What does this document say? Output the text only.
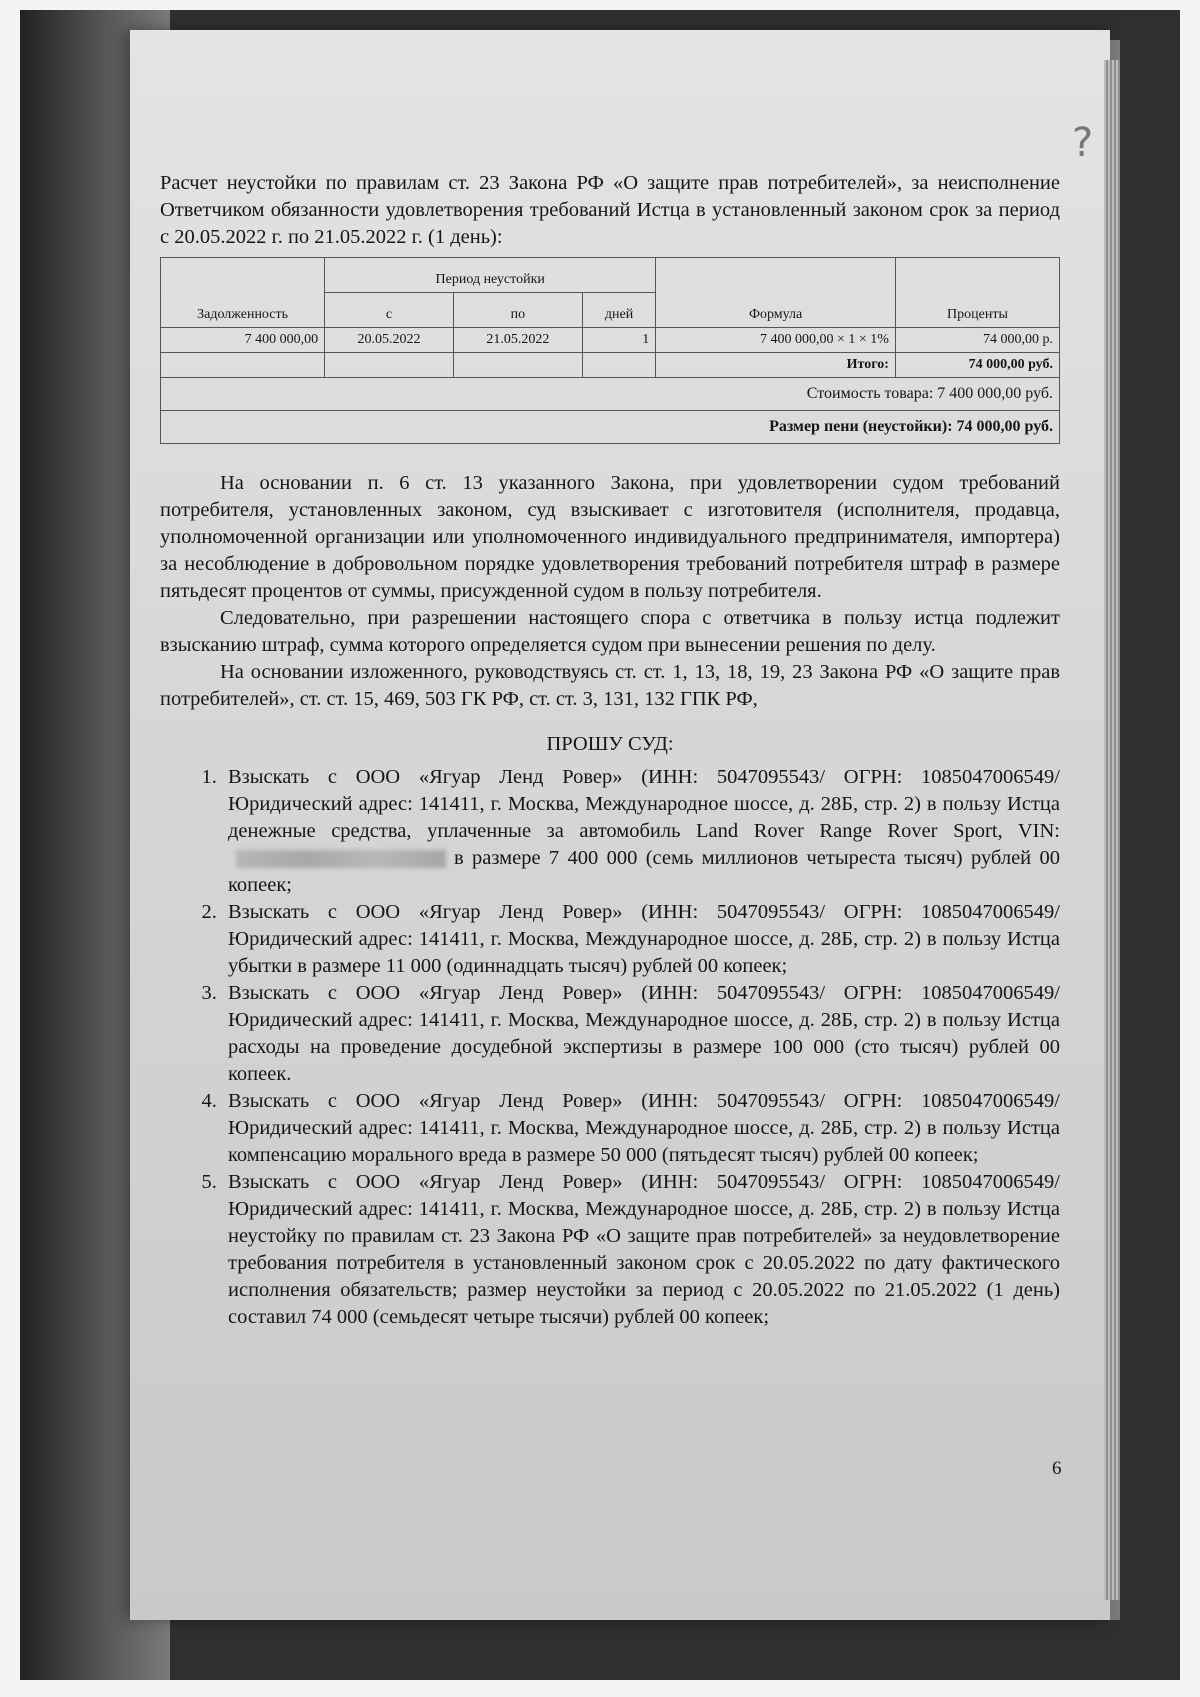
?

Расчет неустойки по правилам ст. 23 Закона РФ «О защите прав потребителей», за неисполнение Ответчиком обязанности удовлетворения требований Истца в установленный законом срок за период с 20.05.2022 г. по 21.05.2022 г. (1 день):

Задолженность	Период неустойки			Формула	Проценты
	с	по	дней		
7 400 000,00	20.05.2022	21.05.2022	1	7 400 000,00 × 1 × 1%	74 000,00 р.
				Итого:	74 000,00 руб.
Стоимость товара: 7 400 000,00 руб.					
Размер пени (неустойки): 74 000,00 руб.					

На основании п. 6 ст. 13 указанного Закона, при удовлетворении судом требований потребителя, установленных законом, суд взыскивает с изготовителя (исполнителя, продавца, уполномоченной организации или уполномоченного индивидуального предпринимателя, импортера) за несоблюдение в добровольном порядке удовлетворения требований потребителя штраф в размере пятьдесят процентов от суммы, присужденной судом в пользу потребителя.

Следовательно, при разрешении настоящего спора с ответчика в пользу истца подлежит взысканию штраф, сумма которого определяется судом при вынесении решения по делу.

На основании изложенного, руководствуясь ст. ст. 1, 13, 18, 19, 23 Закона РФ «О защите прав потребителей», ст. ст. 15, 469, 503 ГК РФ, ст. ст. 3, 131, 132 ГПК РФ,

ПРОШУ СУД:
1. Взыскать с ООО «Ягуар Ленд Ровер» (ИНН: 5047095543/ ОГРН: 1085047006549/ Юридический адрес: 141411, г. Москва, Международное шоссе, д. 28Б, стр. 2) в пользу Истца денежные средства, уплаченные за автомобиль Land Rover Range Rover Sport, VIN:в размере 7 400 000 (семь миллионов четыреста тысяч) рублей 00 копеек;
2. Взыскать с ООО «Ягуар Ленд Ровер» (ИНН: 5047095543/ ОГРН: 1085047006549/ Юридический адрес: 141411, г. Москва, Международное шоссе, д. 28Б, стр. 2) в пользу Истца убытки в размере 11 000 (одиннадцать тысяч) рублей 00 копеек;
3. Взыскать с ООО «Ягуар Ленд Ровер» (ИНН: 5047095543/ ОГРН: 1085047006549/ Юридический адрес: 141411, г. Москва, Международное шоссе, д. 28Б, стр. 2) в пользу Истца расходы на проведение досудебной экспертизы в размере 100 000 (сто тысяч) рублей 00 копеек.
4. Взыскать с ООО «Ягуар Ленд Ровер» (ИНН: 5047095543/ ОГРН: 1085047006549/ Юридический адрес: 141411, г. Москва, Международное шоссе, д. 28Б, стр. 2) в пользу Истца компенсацию морального вреда в размере 50 000 (пятьдесят тысяч) рублей 00 копеек;
5. Взыскать с ООО «Ягуар Ленд Ровер» (ИНН: 5047095543/ ОГРН: 1085047006549/ Юридический адрес: 141411, г. Москва, Международное шоссе, д. 28Б, стр. 2) в пользу Истца неустойку по правилам ст. 23 Закона РФ «О защите прав потребителей» за неудовлетворение требования потребителя в установленный законом срок с 20.05.2022 по дату фактического исполнения обязательств; размер неустойки за период с 20.05.2022 по 21.05.2022 (1 день) составил 74 000 (семьдесят четыре тысячи) рублей 00 копеек;
6
